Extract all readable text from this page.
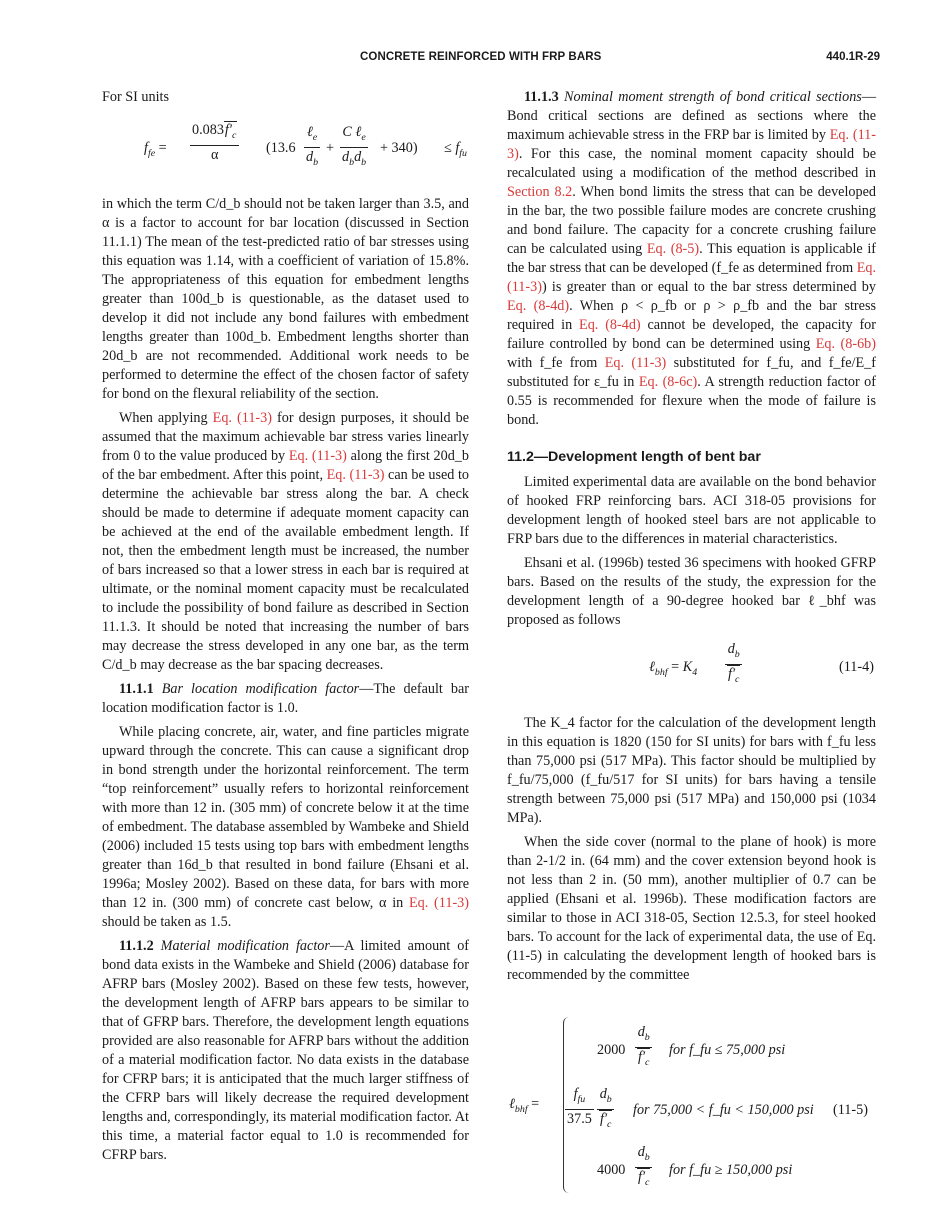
CONCRETE REINFORCED WITH FRP BARS	440.1R-29

For SI units

$f_{fe} = \frac{0.083f'_c}{\alpha} (13.6$
ℓ$_e$
$d_b$
+
C ℓ$_e$
$d_bd_b$
+ $340) \le f_{fu}$

in which the term C/d_b should not be taken larger than 3.5, and α is a factor to account for bar location (discussed in Section 11.1.1) The mean of the test-predicted ratio of bar stresses using this equation was 1.14, with a coefficient of variation of 15.8%. The appropriateness of this equation for embedment lengths greater than 100d_b is questionable, as the dataset used to develop it did not include any bond failures with embedment lengths greater than 100d_b. Embedment lengths shorter than 20d_b are not recommended. Additional work needs to be performed to determine the effect of the chosen factor of safety for bond on the flexural reliability of the section.

When applying Eq. (11-3) for design purposes, it should be assumed that the maximum achievable bar stress varies linearly from 0 to the value produced by Eq. (11-3) along the first 20d_b of the bar embedment. After this point, Eq. (11-3) can be used to determine the achievable bar stress along the bar. A check should be made to determine if adequate moment capacity can be achieved at the end of the available embedment length. If not, then the embedment length must be increased, the number of bars increased so that a lower stress in each bar is required at ultimate, or the nominal moment capacity must be recalculated to include the possibility of bond failure as described in Section 11.1.3. It should be noted that increasing the number of bars may decrease the stress developed in any one bar, as the term C/d_b may decrease as the bar spacing decreases.

11.1.1 Bar location modification factor—The default bar location modification factor is 1.0.

While placing concrete, air, water, and fine particles migrate upward through the concrete. This can cause a significant drop in bond strength under the horizontal reinforcement. The term “top reinforcement” usually refers to horizontal reinforcement with more than 12 in. (305 mm) of concrete below it at the time of embedment. The database assembled by Wambeke and Shield (2006) included 15 tests using top bars with embedment lengths greater than 16d_b that resulted in bond failure (Ehsani et al. 1996a; Mosley 2002). Based on these data, for bars with more than 12 in. (300 mm) of concrete cast below, α in Eq. (11-3) should be taken as 1.5.

11.1.2 Material modification factor—A limited amount of bond data exists in the Wambeke and Shield (2006) database for AFRP bars (Mosley 2002). Based on these few tests, however, the development length of AFRP bars appears to be similar to that of GFRP bars. Therefore, the development length equations provided are also reasonable for AFRP bars without the addition of a material modification factor. No data exists in the database for CFRP bars; it is anticipated that the much larger stiffness of the CFRP bars will likely decrease the required development lengths and, correspondingly, its material modification factor. At this time, a material factor equal to 1.0 is recommended for CFRP bars.

11.1.3 Nominal moment strength of bond critical sections—Bond critical sections are defined as sections where the maximum achievable stress in the FRP bar is limited by Eq. (11-3). For this case, the nominal moment capacity should be recalculated using a modification of the method described in Section 8.2. When bond limits the stress that can be developed in the bar, the two possible failure modes are concrete crushing and bond failure. The capacity for a concrete crushing failure can be calculated using Eq. (8-5). This equation is applicable if the bar stress that can be developed (f_fe as determined from Eq. (11-3)) is greater than or equal to the bar stress determined by Eq. (8-4d). When ρ < ρ_fb or ρ > ρ_fb and the bar stress required in Eq. (8-4d) cannot be developed, the capacity for failure controlled by bond can be determined using Eq. (8-6b) with f_fe from Eq. (11-3) substituted for f_fu, and f_fe/E_f substituted for ε_fu in Eq. (8-6c). A strength reduction factor of 0.55 is recommended for flexure when the mode of failure is bond.

11.2—Development length of bent bar

Limited experimental data are available on the bond behavior of hooked FRP reinforcing bars. ACI 318-05 provisions for development length of hooked steel bars are not applicable to FRP bars due to the differences in material characteristics.

Ehsani et al. (1996b) tested 36 specimens with hooked GFRP bars. Based on the results of the study, the expression for the development length of a 90-degree hooked bar ℓ_bhf was proposed as follows

ℓ$_{bhf}$ = $K_4 \frac{d_b}{f'_c}$	(11-4)

The K_4 factor for the calculation of the development length in this equation is 1820 (150 for SI units) for bars with f_fu less than 75,000 psi (517 MPa). This factor should be multiplied by f_fu/75,000 (f_fu/517 for SI units) for bars having a tensile strength between 75,000 psi (517 MPa) and 150,000 psi (1034 MPa).

When the side cover (normal to the plane of hook) is more than 2-1/2 in. (64 mm) and the cover extension beyond hook is not less than 2 in. (50 mm), another multiplier of 0.7 can be applied (Ehsani et al. 1996b). These modification factors are similar to those in ACI 318-05, Section 12.5.3, for steel hooked bars. To account for the lack of experimental data, the use of Eq. (11-5) in calculating the development length of hooked bars is recommended by the committee

ℓ$_{bhf}$ =
$2000 \frac{d_b}{f'_c}$ for f_fu ≤ 75,000 psi
$f_{fu}$
$37.5 \frac{d_b}{f'_c}$ for 75,000 < f_fu < 150,000 psi (11-5)
$4000 \frac{d_b}{f'_c}$ for f_fu ≥ 150,000 psi
